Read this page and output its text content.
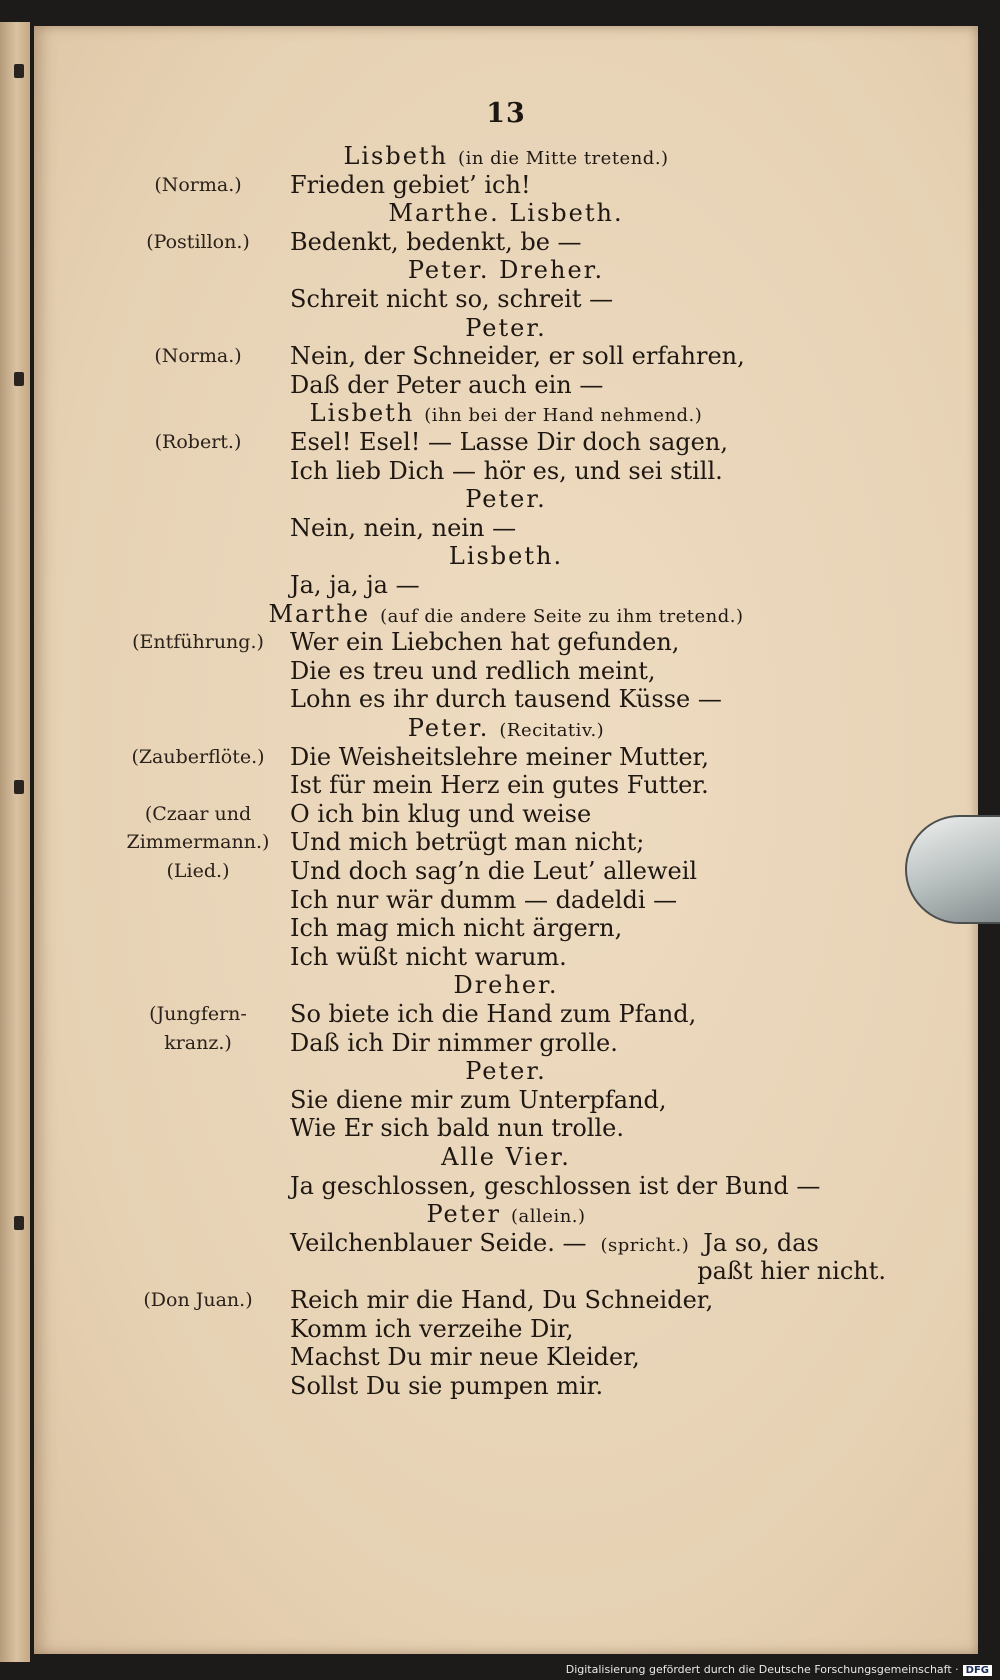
13
Lisbeth (in die Mitte tretend.)
(Norma.)	Frieden gebiet’ ich!
Marthe. Lisbeth.
(Postillon.)	Bedenkt, bedenkt, be —
Peter. Dreher.
Schreit nicht so, schreit —
Peter.
(Norma.)	Nein, der Schneider, er soll erfahren,
Daß der Peter auch ein —
Lisbeth (ihn bei der Hand nehmend.)
(Robert.)	Esel! Esel! — Lasse Dir doch sagen,
Ich lieb Dich — hör es, und sei still.
Peter.
Nein, nein, nein —
Lisbeth.
Ja, ja, ja —
Marthe (auf die andere Seite zu ihm tretend.)
(Entführung.)	Wer ein Liebchen hat gefunden,
Die es treu und redlich meint,
Lohn es ihr durch tausend Küsse —
Peter. (Recitativ.)
(Zauberflöte.)	Die Weisheitslehre meiner Mutter,
Ist für mein Herz ein gutes Futter.
(Czaar und	O ich bin klug und weise
Zimmermann.) Und mich betrügt man nicht;
(Lied.)	Und doch sag’n die Leut’ alleweil
Ich nur wär dumm — dadeldi —
Ich mag mich nicht ärgern,
Ich wüßt nicht warum.
Dreher.
(Jungfern-	So biete ich die Hand zum Pfand,
kranz.)	Daß ich Dir nimmer grolle.
Peter.
Sie diene mir zum Unterpfand,
Wie Er sich bald nun trolle.
Alle Vier.
Ja geschlossen, geschlossen ist der Bund —
Peter (allein.)
Veilchenblauer Seide. — (spricht.) Ja so, das
paßt hier nicht.
(Don Juan.)	Reich mir die Hand, Du Schneider,
Komm ich verzeihe Dir,
Machst Du mir neue Kleider,
Sollst Du sie pumpen mir.
Digitalisierung gefördert durch die Deutsche Forschungsgemeinschaft · DFG
